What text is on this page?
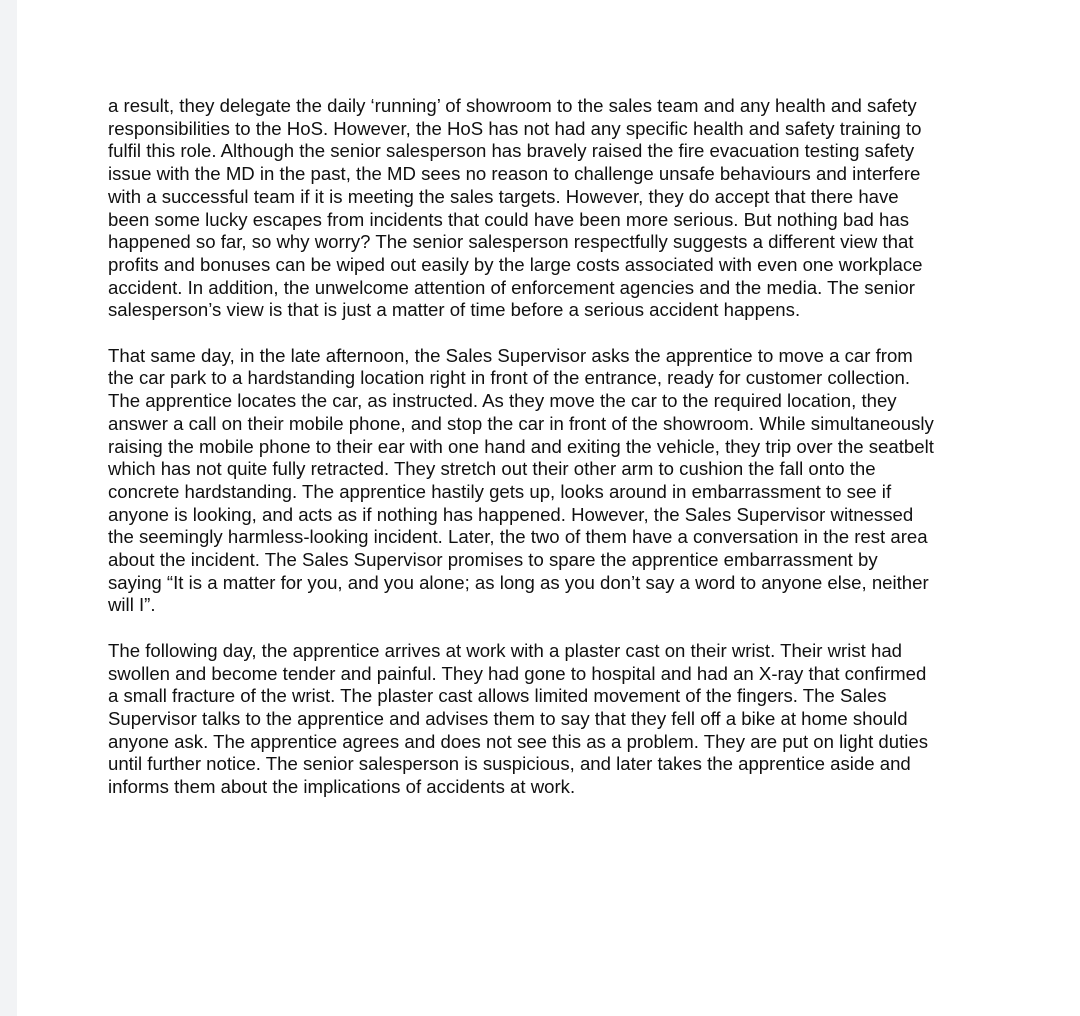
a result, they delegate the daily ‘running’ of showroom to the sales team and any health and safety
responsibilities to the HoS. However, the HoS has not had any specific health and safety training to
fulfil this role. Although the senior salesperson has bravely raised the fire evacuation testing safety
issue with the MD in the past, the MD sees no reason to challenge unsafe behaviours and interfere
with a successful team if it is meeting the sales targets. However, they do accept that there have
been some lucky escapes from incidents that could have been more serious. But nothing bad has
happened so far, so why worry? The senior salesperson respectfully suggests a different view that
profits and bonuses can be wiped out easily by the large costs associated with even one workplace
accident. In addition, the unwelcome attention of enforcement agencies and the media. The senior
salesperson’s view is that is just a matter of time before a serious accident happens.

That same day, in the late afternoon, the Sales Supervisor asks the apprentice to move a car from
the car park to a hardstanding location right in front of the entrance, ready for customer collection.
The apprentice locates the car, as instructed. As they move the car to the required location, they
answer a call on their mobile phone, and stop the car in front of the showroom. While simultaneously
raising the mobile phone to their ear with one hand and exiting the vehicle, they trip over the seatbelt
which has not quite fully retracted. They stretch out their other arm to cushion the fall onto the
concrete hardstanding. The apprentice hastily gets up, looks around in embarrassment to see if
anyone is looking, and acts as if nothing has happened. However, the Sales Supervisor witnessed
the seemingly harmless-looking incident. Later, the two of them have a conversation in the rest area
about the incident. The Sales Supervisor promises to spare the apprentice embarrassment by
saying “It is a matter for you, and you alone; as long as you don’t say a word to anyone else, neither
will I”.

The following day, the apprentice arrives at work with a plaster cast on their wrist. Their wrist had
swollen and become tender and painful. They had gone to hospital and had an X-ray that confirmed
a small fracture of the wrist. The plaster cast allows limited movement of the fingers. The Sales
Supervisor talks to the apprentice and advises them to say that they fell off a bike at home should
anyone ask. The apprentice agrees and does not see this as a problem. They are put on light duties
until further notice. The senior salesperson is suspicious, and later takes the apprentice aside and
informs them about the implications of accidents at work.
